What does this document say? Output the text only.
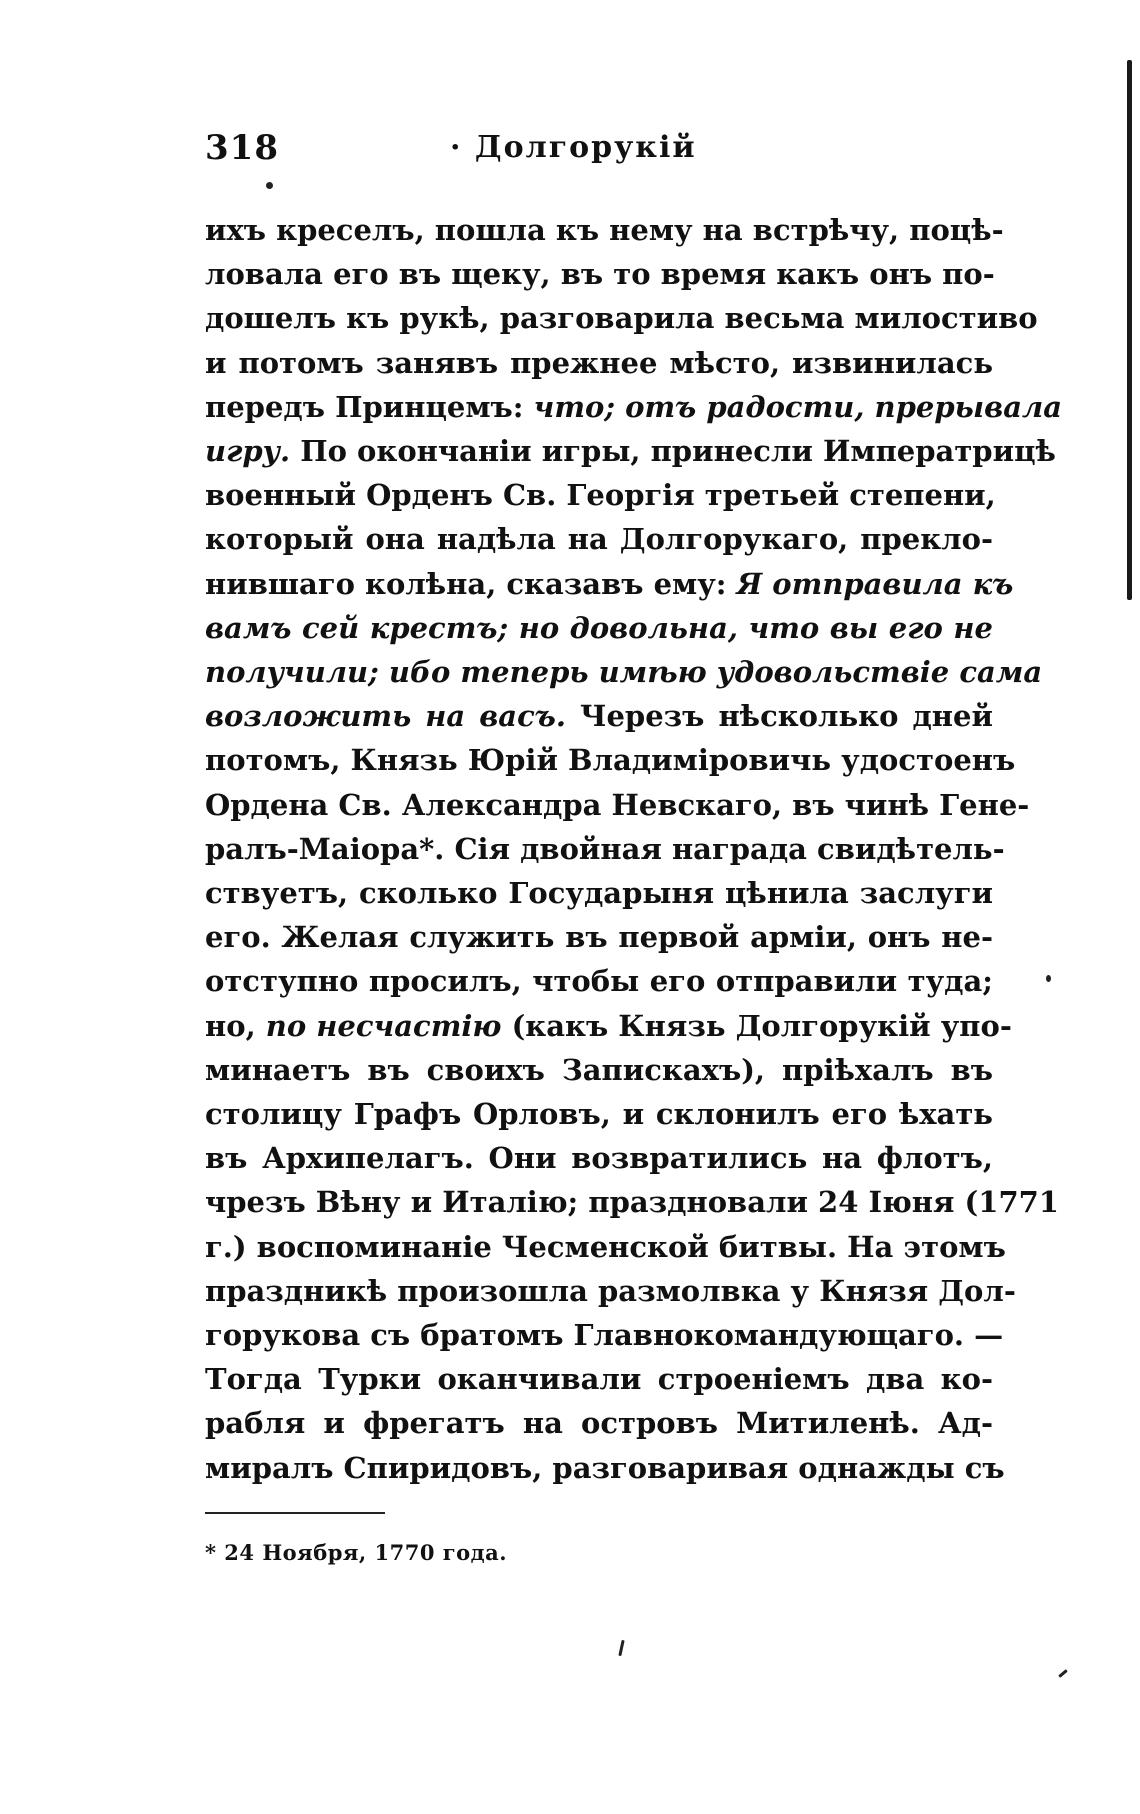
318	· Долгорукій
ихъ креселъ, пошла къ нему на встрѣчу, поцѣ-
ловала его въ щеку, въ то время какъ онъ по-
дошелъ къ рукѣ, разговарила весьма милостиво
и потомъ занявъ прежнее мѣсто, извинилась
передъ Принцемъ: что; отъ радости, прерывала
игру. По окончаніи игры, принесли Императрицѣ
военный Орденъ Св. Георгія третьей степени,
который она надѣла на Долгорукаго, прекло-
нившаго колѣна, сказавъ ему: Я отправила къ
вамъ сей крестъ; но довольна, что вы его не
получили; ибо теперь имѣю удовольствіе сама
возложить на васъ. Черезъ нѣсколько дней
потомъ, Князь Юрій Владиміровичь удостоенъ
Ордена Св. Александра Невскаго, въ чинѣ Гене-
ралъ-Маіора*. Сія двойная награда свидѣтель-
ствуетъ, сколько Государыня цѣнила заслуги
его. Желая служить въ первой арміи, онъ не-
отступно просилъ, чтобы его отправили туда;
но, по несчастію (какъ Князь Долгорукій упо-
минаетъ въ своихъ Запискахъ), пріѣхалъ въ
столицу Графъ Орловъ, и склонилъ его ѣхать
въ Архипелагъ. Они возвратились на флотъ,
чрезъ Вѣну и Италію; праздновали 24 Іюня (1771
г.) воспоминаніе Чесменской битвы. На этомъ
праздникѣ произошла размолвка у Князя Дол-
горукова съ братомъ Главнокомандующаго. —
Тогда Турки оканчивали строеніемъ два ко-
рабля и фрегатъ на островъ Митиленѣ. Ад-
миралъ Спиридовъ, разговаривая однажды съ
* 24 Ноября, 1770 года.
